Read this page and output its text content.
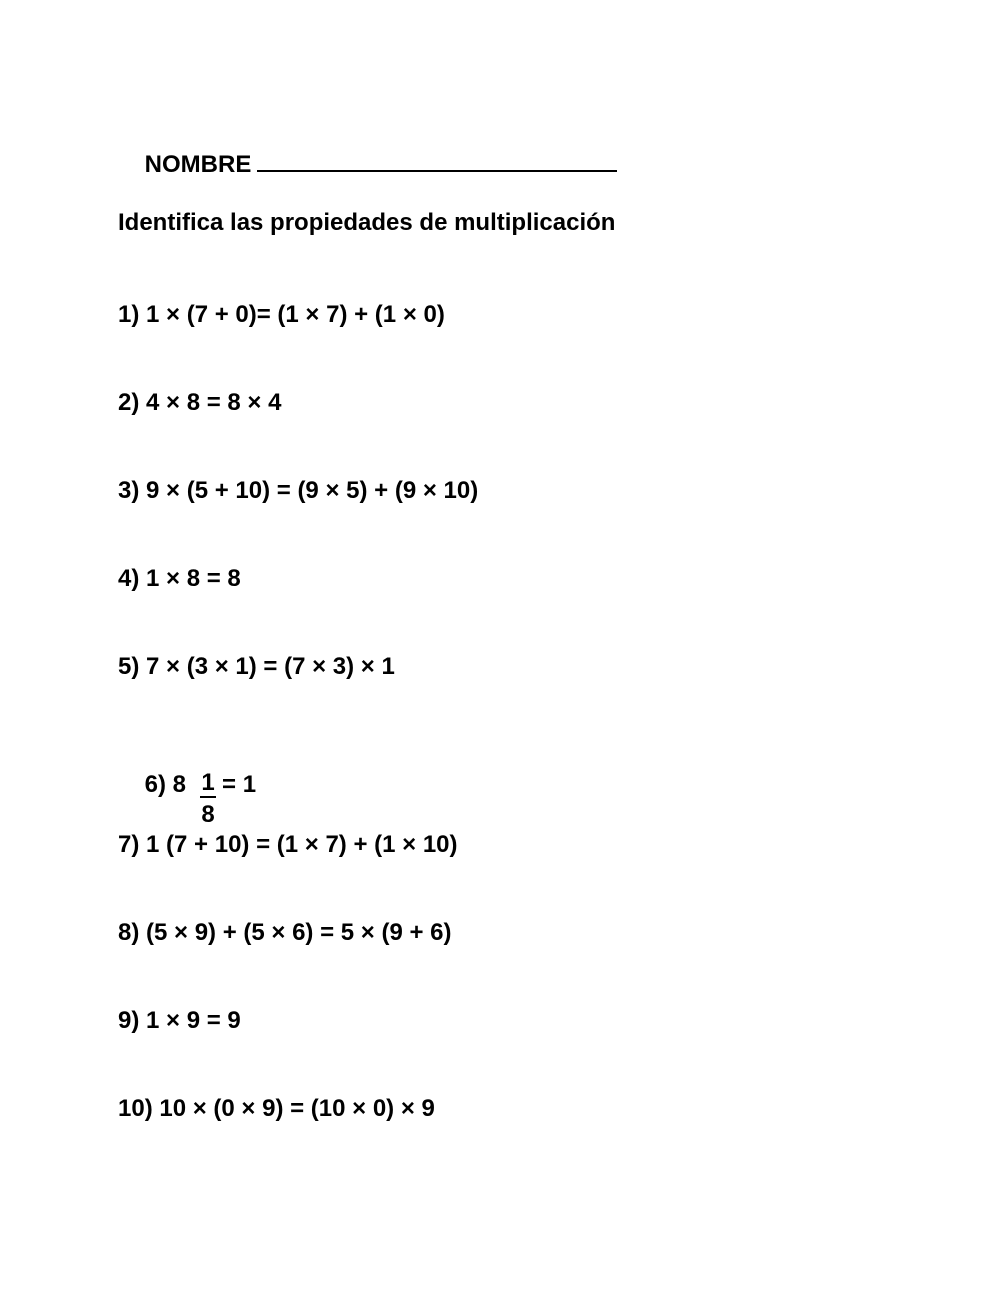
NOMBRE

Identifica las propiedades de multiplicación
1) 1 × (7 + 0)= (1 × 7) + (1 × 0)
2) 4 × 8 = 8 × 4
3) 9 × (5 + 10) = (9 × 5) + (9 × 10)
4) 1 × 8 = 8
5) 7 × (3 × 1) = (7 × 3) × 1

6) $8 \frac{1}{8} = 1$

7) 1 (7 + 10) = (1 × 7) + (1 × 10)
8) (5 × 9) + (5 × 6) = 5 × (9 + 6)
9) 1 × 9 = 9
10) 10 × (0 × 9) = (10 × 0) × 9
